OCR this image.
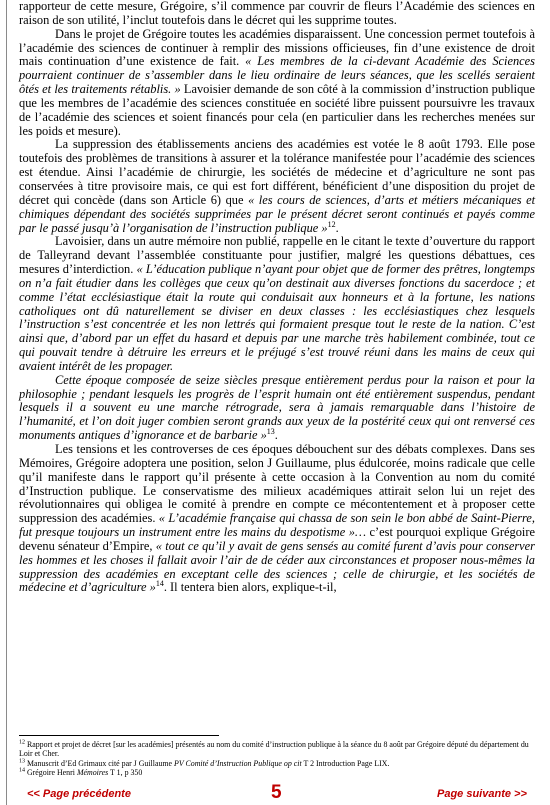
rapporteur de cette mesure, Grégoire, s’il commence par couvrir de fleurs l’Académie des sciences en raison de son utilité, l’inclut toutefois dans le décret qui les supprime toutes.

Dans le projet de Grégoire toutes les académies disparaissent. Une concession permet toutefois à l’académie des sciences de continuer à remplir des missions officieuses, fin d’une existence de droit mais continuation d’une existence de fait. « Les membres de la ci-devant Académie des Sciences pourraient continuer de s’assembler dans le lieu ordinaire de leurs séances, que les scellés seraient ôtés et les traitements rétablis. » Lavoisier demande de son côté à la commission d’instruction publique que les membres de l’académie des sciences constituée en société libre puissent poursuivre les travaux de l’académie des sciences et soient financés pour cela (en particulier dans les recherches menées sur les poids et mesure).

La suppression des établissements anciens des académies est votée le 8 août 1793. Elle pose toutefois des problèmes de transitions à assurer et la tolérance manifestée pour l’académie des sciences est étendue. Ainsi l’académie de chirurgie, les sociétés de médecine et d’agriculture ne sont pas conservées à titre provisoire mais, ce qui est fort différent, bénéficient d’une disposition du projet de décret qui concède (dans son Article 6) que « les cours de sciences, d’arts et métiers mécaniques et chimiques dépendant des sociétés supprimées par le présent décret seront continués et payés comme par le passé jusqu’à l’organisation de l’instruction publique »$^{12}$.

Lavoisier, dans un autre mémoire non publié, rappelle en le citant le texte d’ouverture du rapport de Talleyrand devant l’assemblée constituante pour justifier, malgré les questions débattues, ces mesures d’interdiction. « L’éducation publique n’ayant pour objet que de former des prêtres, longtemps on n’a fait étudier dans les collèges que ceux qu’on destinait aux diverses fonctions du sacerdoce ; et comme l’état ecclésiastique était la route qui conduisait aux honneurs et à la fortune, les nations catholiques ont dû naturellement se diviser en deux classes : les ecclésiastiques chez lesquels l’instruction s’est concentrée et les non lettrés qui formaient presque tout le reste de la nation. C’est ainsi que, d’abord par un effet du hasard et depuis par une marche très habilement combinée, tout ce qui pouvait tendre à détruire les erreurs et le préjugé s’est trouvé réuni dans les mains de ceux qui avaient intérêt de les propager.

Cette époque composée de seize siècles presque entièrement perdus pour la raison et pour la philosophie ; pendant lesquels les progrès de l’esprit humain ont été entièrement suspendus, pendant lesquels il a souvent eu une marche rétrograde, sera à jamais remarquable dans l’histoire de l’humanité, et l’on doit juger combien seront grands aux yeux de la postérité ceux qui ont renversé ces monuments antiques d’ignorance et de barbarie »$^{13}$.

Les tensions et les controverses de ces époques débouchent sur des débats complexes. Dans ses Mémoires, Grégoire adoptera une position, selon J Guillaume, plus édulcorée, moins radicale que celle qu’il manifeste dans le rapport qu’il présente à cette occasion à la Convention au nom du comité d’Instruction publique. Le conservatisme des milieux académiques attirait selon lui un rejet des révolutionnaires qui obligea le comité à prendre en compte ce mécontentement et à proposer cette suppression des académies. « L’académie française qui chassa de son sein le bon abbé de Saint-Pierre, fut presque toujours un instrument entre les mains du despotisme »… c’est pourquoi explique Grégoire devenu sénateur d’Empire, « tout ce qu’il y avait de gens sensés au comité furent d’avis pour conserver les hommes et les choses il fallait avoir l’air de de céder aux circonstances et proposer nous-mêmes la suppression des académies en exceptant celle des sciences ; celle de chirurgie, et les sociétés de médecine et d’agriculture »$^{14}$. Il tentera bien alors, explique-t-il,

$^{12}$ Rapport et projet de décret [sur les académies] présentés au nom du comité d’instruction publique à la séance du 8 août par Grégoire député du département du Loir et Cher.

$^{13}$ Manuscrit d’Ed Grimaux cité par J Guillaume PV Comité d’Instruction Publique op cit T 2 Introduction Page LIX.

$^{14}$ Grégoire Henri Mémoires T 1, p 350

<< Page précédente	5	Page suivante >>
